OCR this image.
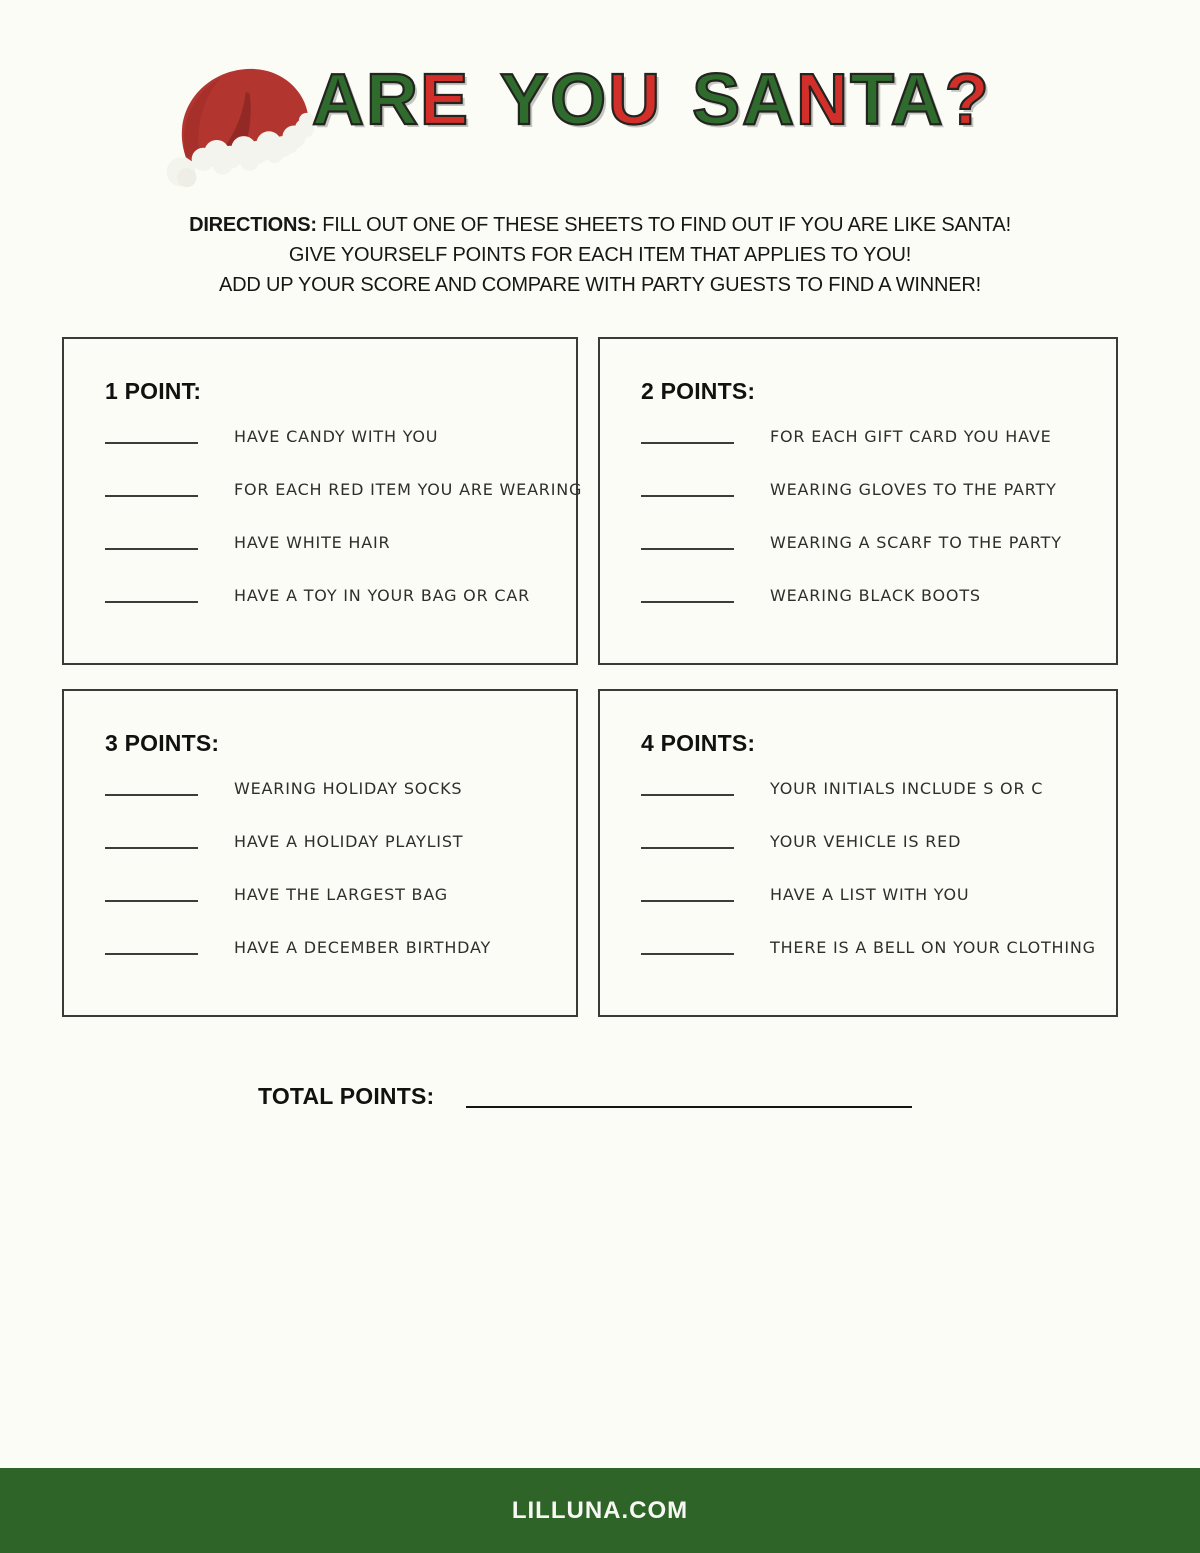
ARE YOU SANTA?

DIRECTIONS: FILL OUT ONE OF THESE SHEETS TO FIND OUT IF YOU ARE LIKE SANTA!
GIVE YOURSELF POINTS FOR EACH ITEM THAT APPLIES TO YOU!
ADD UP YOUR SCORE AND COMPARE WITH PARTY GUESTS TO FIND A WINNER!

1 POINT:
HAVE CANDY WITH YOU
FOR EACH RED ITEM YOU ARE WEARING
HAVE WHITE HAIR
HAVE A TOY IN YOUR BAG OR CAR
2 POINTS:
FOR EACH GIFT CARD YOU HAVE
WEARING GLOVES TO THE PARTY
WEARING A SCARF TO THE PARTY
WEARING BLACK BOOTS
3 POINTS:
WEARING HOLIDAY SOCKS
HAVE A HOLIDAY PLAYLIST
HAVE THE LARGEST BAG
HAVE A DECEMBER BIRTHDAY
4 POINTS:
YOUR INITIALS INCLUDE S OR C
YOUR VEHICLE IS RED
HAVE A LIST WITH YOU
THERE IS A BELL ON YOUR CLOTHING
TOTAL POINTS:
LILLUNA.COM
